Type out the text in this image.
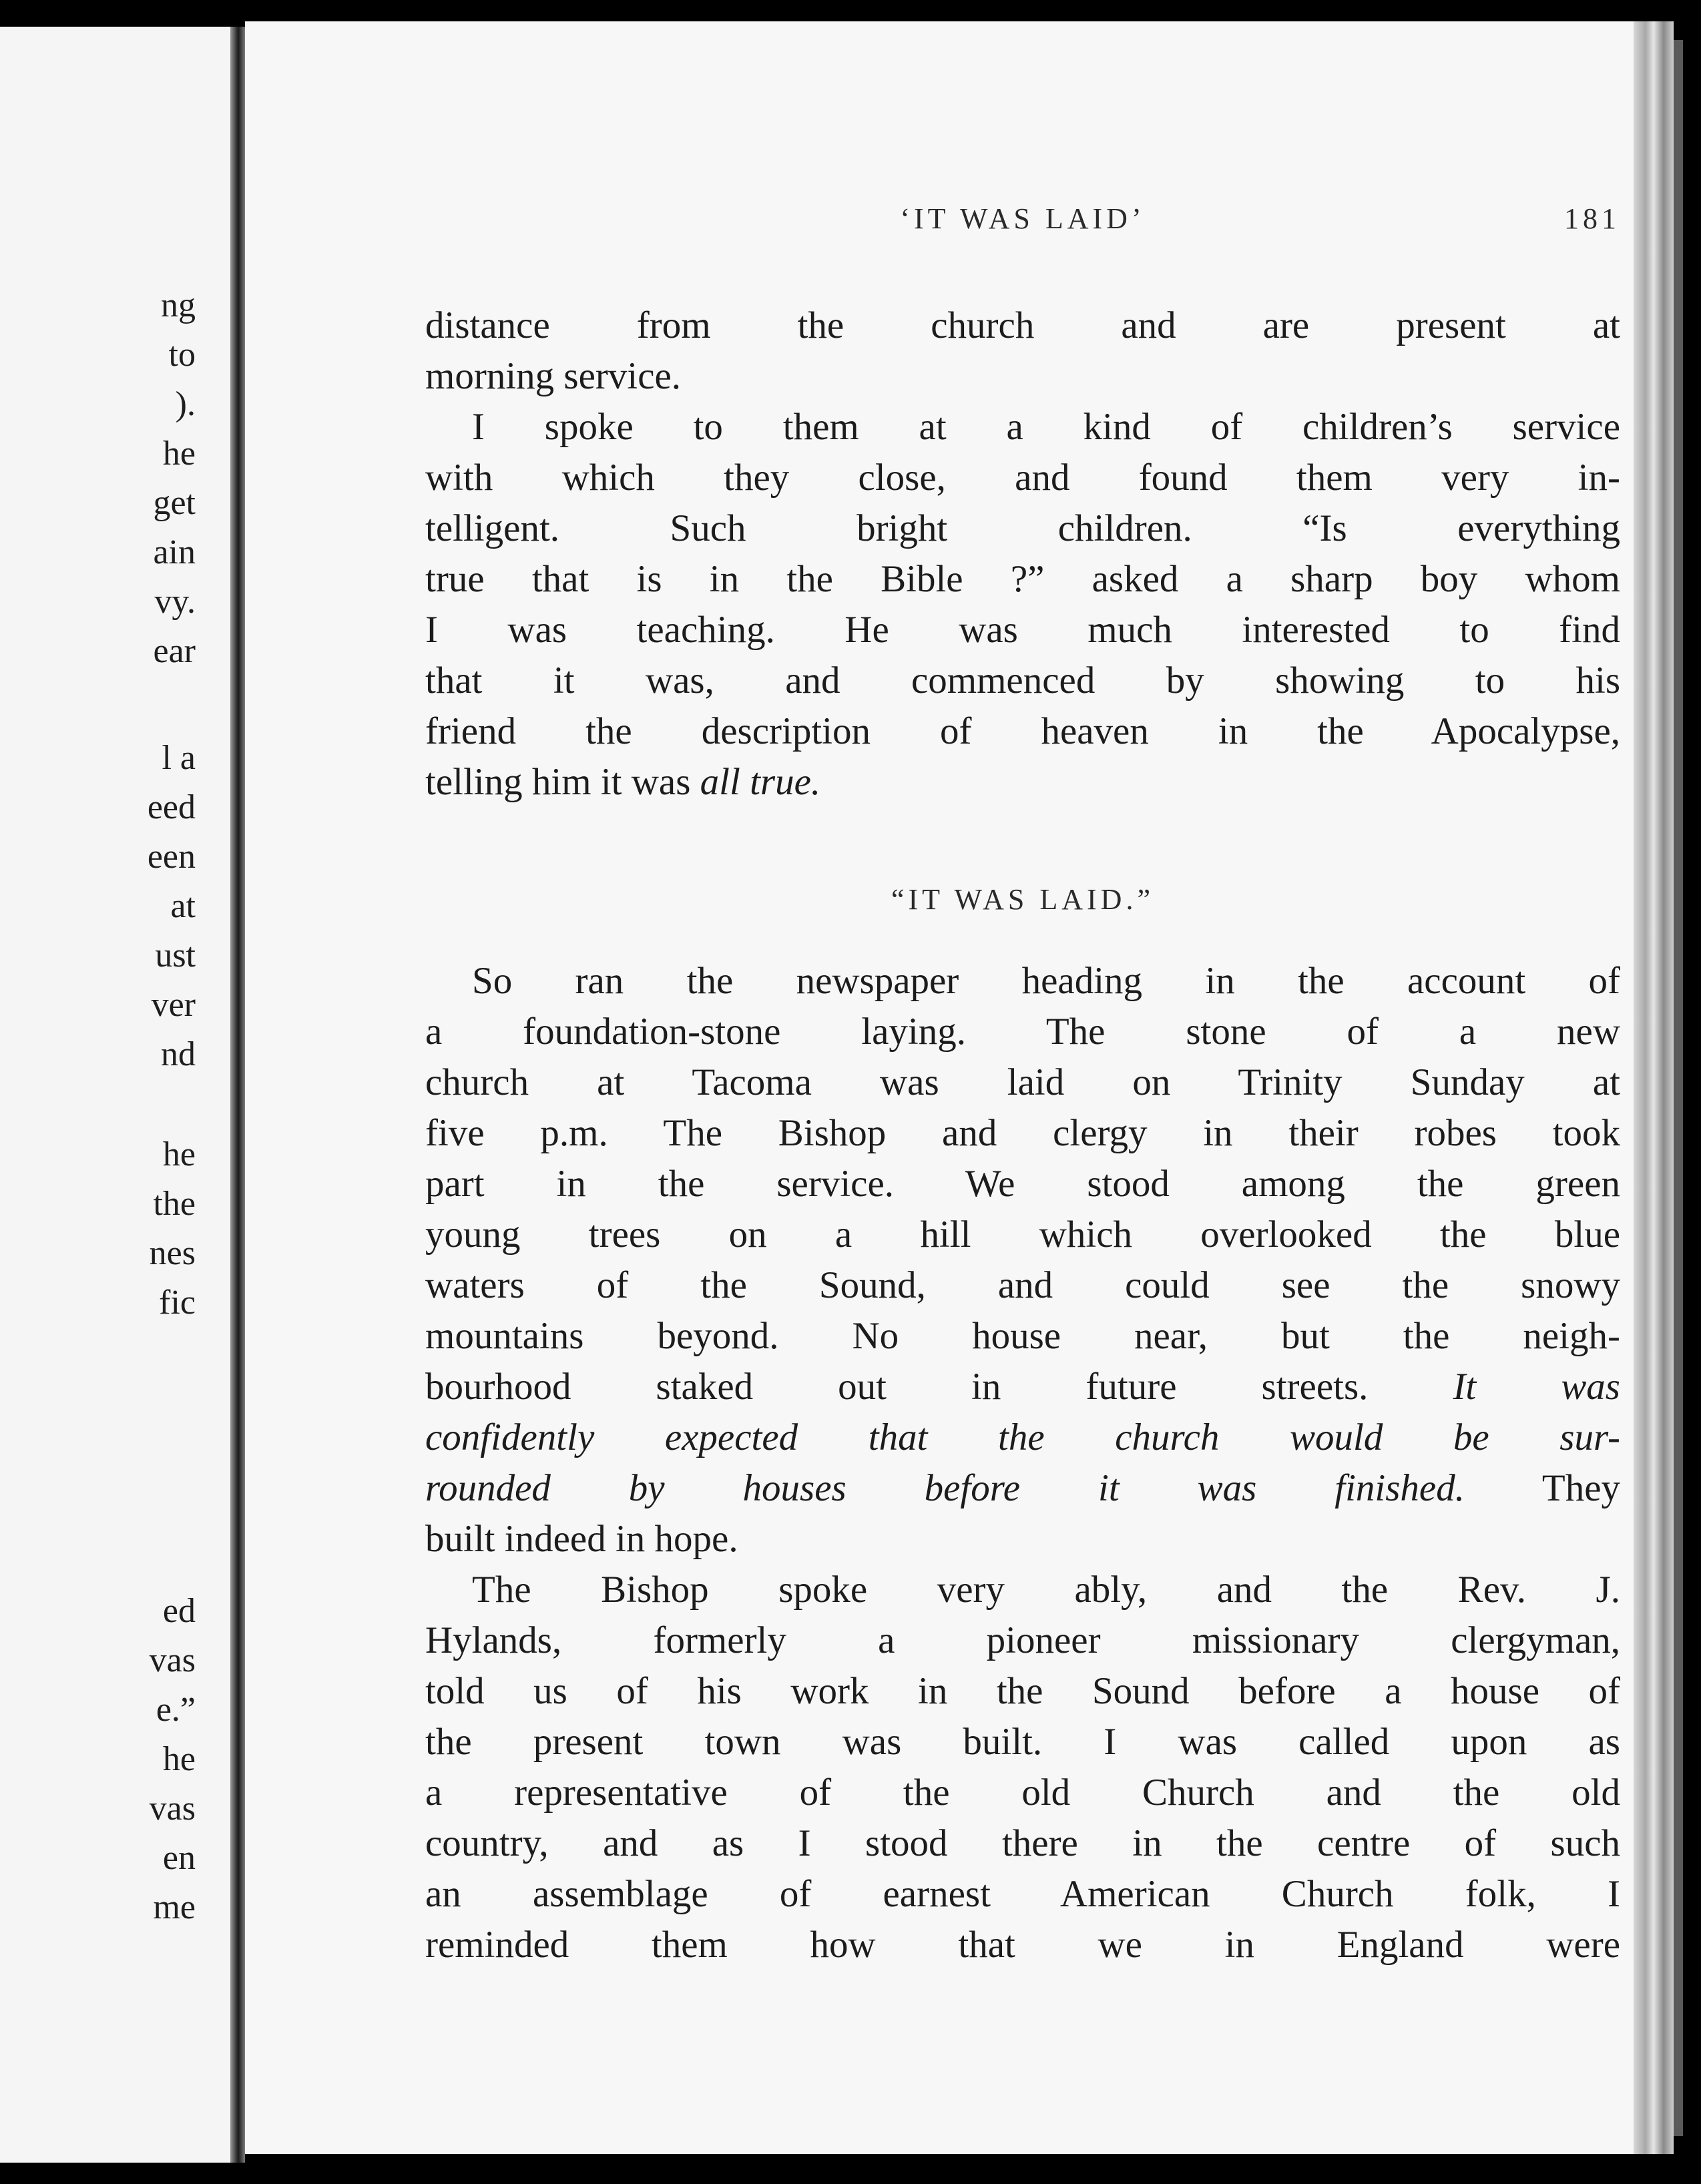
ng
to
).
he
get
ain
vy.
ear
l a
eed
een
at
ust
ver
nd
he
the
nes
fic
ed
vas
e.”
he
vas
en
me
‘IT WAS LAID’	181
distance from the church and are present at
morning service.
I spoke to them at a kind of children’s service
with which they close, and found them very in-
telligent. Such bright children. “Is everything
true that is in the Bible ?” asked a sharp boy whom
I was teaching. He was much interested to find
that it was, and commenced by showing to his
friend the description of heaven in the Apocalypse,
telling him it was all true.
“IT WAS LAID.”
So ran the newspaper heading in the account of
a foundation-stone laying. The stone of a new
church at Tacoma was laid on Trinity Sunday at
five p.m. The Bishop and clergy in their robes took
part in the service. We stood among the green
young trees on a hill which overlooked the blue
waters of the Sound, and could see the snowy
mountains beyond. No house near, but the neigh-
bourhood staked out in future streets. It was
confidently expected that the church would be sur-
rounded by houses before it was finished. They
built indeed in hope.
The Bishop spoke very ably, and the Rev. J.
Hylands, formerly a pioneer missionary clergyman,
told us of his work in the Sound before a house of
the present town was built. I was called upon as
a representative of the old Church and the old
country, and as I stood there in the centre of such
an assemblage of earnest American Church folk, I
reminded them how that we in England were
